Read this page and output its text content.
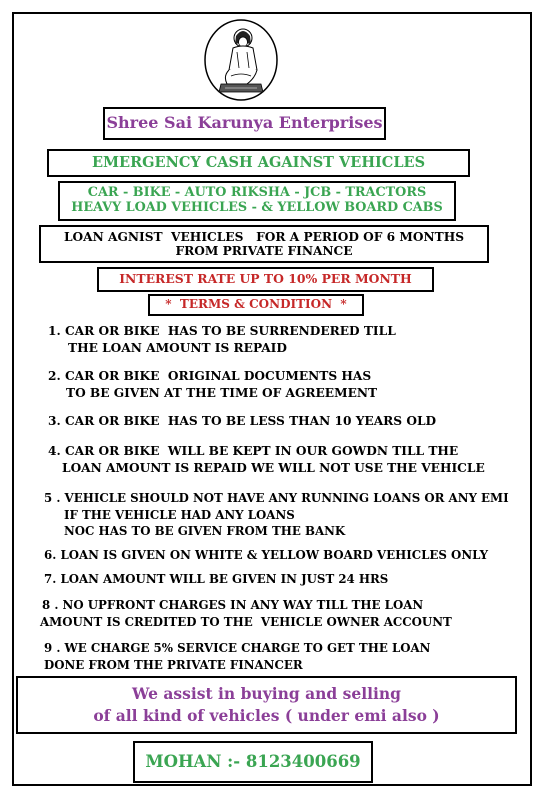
Shree Sai Karunya Enterprises
EMERGENCY CASH AGAINST VEHICLES
CAR - BIKE - AUTO RIKSHA - JCB - TRACTORS
HEAVY LOAD VEHICLES - & YELLOW BOARD CABS
LOAN AGNIST  VEHICLES   FOR A PERIOD OF 6 MONTHS
FROM PRIVATE FINANCE
INTEREST RATE UP TO 10% PER MONTH
*  TERMS & CONDITION  *
1. CAR OR BIKE  HAS TO BE SURRENDERED TILL
THE LOAN AMOUNT IS REPAID
2. CAR OR BIKE  ORIGINAL DOCUMENTS HAS
TO BE GIVEN AT THE TIME OF AGREEMENT
3. CAR OR BIKE  HAS TO BE LESS THAN 10 YEARS OLD
4. CAR OR BIKE  WILL BE KEPT IN OUR GOWDN TILL THE
LOAN AMOUNT IS REPAID WE WILL NOT USE THE VEHICLE
5 . VEHICLE SHOULD NOT HAVE ANY RUNNING LOANS OR ANY EMI
IF THE VEHICLE HAD ANY LOANS
NOC HAS TO BE GIVEN FROM THE BANK
6. LOAN IS GIVEN ON WHITE & YELLOW BOARD VEHICLES ONLY
7. LOAN AMOUNT WILL BE GIVEN IN JUST 24 HRS
8 . NO UPFRONT CHARGES IN ANY WAY TILL THE LOAN
AMOUNT IS CREDITED TO THE  VEHICLE OWNER ACCOUNT
9 . WE CHARGE 5% SERVICE CHARGE TO GET THE LOAN
DONE FROM THE PRIVATE FINANCER
We assist in buying and selling
of all kind of vehicles ( under emi also )
MOHAN :- 8123400669
